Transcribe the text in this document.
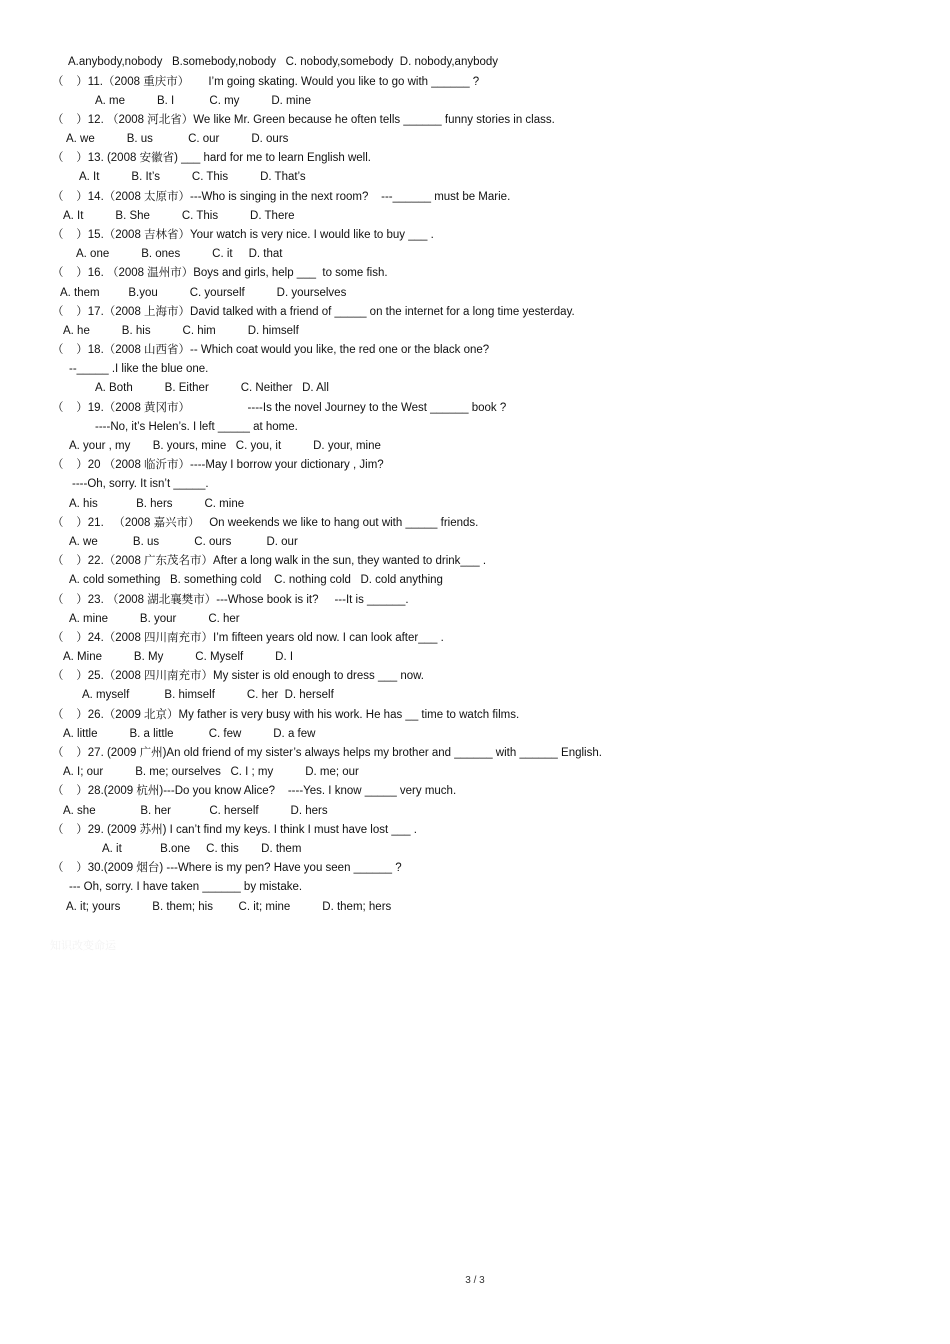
A.anybody,nobody   B.somebody,nobody   C. nobody,somebody  D. nobody,anybody
（    ）11.（2008 重庆市）      I’m going skating. Would you like to go with ______ ?
A. me          B. I           C. my          D. mine
（    ）12. （2008 河北省）We like Mr. Green because he often tells ______ funny stories in class.
A. we          B. us           C. our          D. ours
（    ）13. (2008 安徽省) ___ hard for me to learn English well.
A. It          B. It’s          C. This          D. That’s
（    ）14.（2008 太原市）---Who is singing in the next room?    ---______ must be Marie.
A. It          B. She          C. This          D. There
（    ）15.（2008 吉林省）Your watch is very nice. I would like to buy ___ .
A. one          B. ones          C. it     D. that
（    ）16. （2008 温州市）Boys and girls, help ___  to some fish.
A. them         B.you          C. yourself          D. yourselves
（    ）17.（2008 上海市）David talked with a friend of _____ on the internet for a long time yesterday.
A. he          B. his          C. him          D. himself
（    ）18.（2008 山西省）-- Which coat would you like, the red one or the black one?
--_____ .I like the blue one.
A. Both          B. Either          C. Neither   D. All
（    ）19.（2008 黄冈市）                  ----Is the novel Journey to the West ______ book ?
----No, it’s Helen’s. I left _____ at home.
A. your , my       B. yours, mine   C. you, it          D. your, mine
（    ）20 （2008 临沂市）----May I borrow your dictionary , Jim?
----Oh, sorry. It isn’t _____.
A. his            B. hers          C. mine
（    ）21.   （2008 嘉兴市）   On weekends we like to hang out with _____ friends.
A. we           B. us           C. ours           D. our
（    ）22.（2008 广东茂名市）After a long walk in the sun, they wanted to drink___ .
A. cold something   B. something cold    C. nothing cold   D. cold anything
（    ）23. （2008 湖北襄樊市）---Whose book is it?     ---It is ______.
A. mine          B. your          C. her
（    ）24.（2008 四川南充市）I’m fifteen years old now. I can look after___ .
A. Mine          B. My          C. Myself          D. I
（    ）25.（2008 四川南充市）My sister is old enough to dress ___ now.
A. myself           B. himself          C. her  D. herself
（    ）26.（2009 北京）My father is very busy with his work. He has __ time to watch films.
A. little          B. a little           C. few          D. a few
（    ）27. (2009 广州)An old friend of my sister’s always helps my brother and ______ with ______ English.
A. I; our          B. me; ourselves   C. I ; my          D. me; our
（    ）28.(2009 杭州)---Do you know Alice?    ----Yes. I know _____ very much.
A. she              B. her            C. herself          D. hers
（    ）29. (2009 苏州) I can’t find my keys. I think I must have lost ___ .
A. it            B.one     C. this       D. them
（    ）30.(2009 烟台) ---Where is my pen? Have you seen ______ ?
--- Oh, sorry. I have taken ______ by mistake.
A. it; yours          B. them; his        C. it; mine          D. them; hers
知识改变命运
3 / 3
